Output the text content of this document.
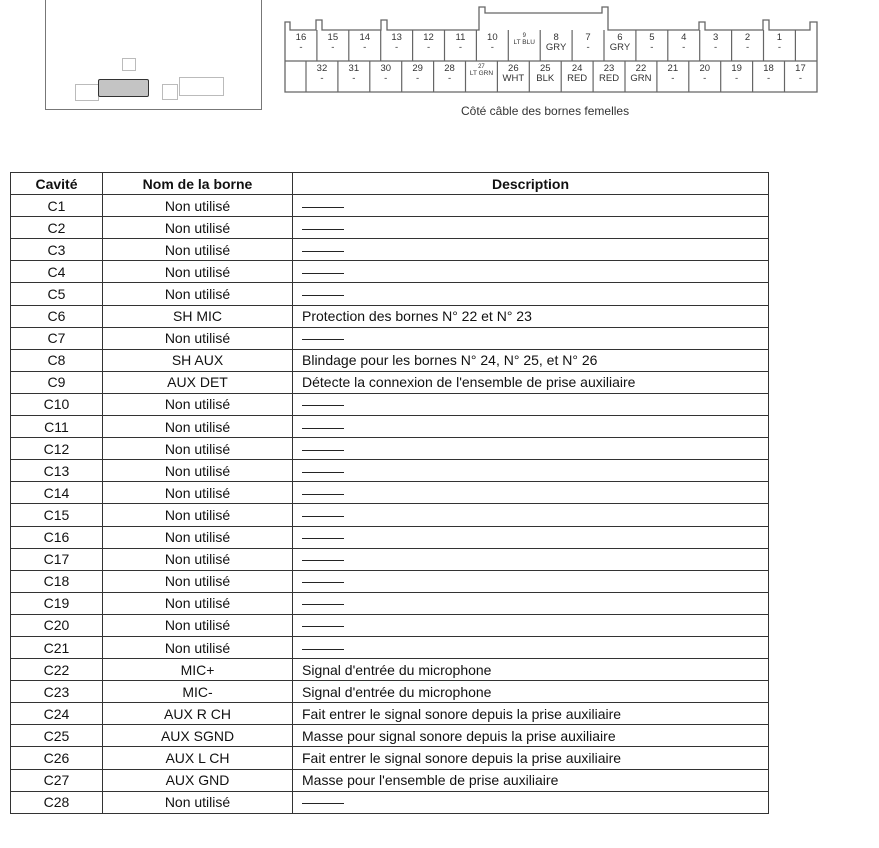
16
-
15
-
14
-
13
-
12
-
11
-
10
-
9
LT BLU	8
GRY
7
-
6
GRY
5
-
4
-
3
-
2
-
1
-
32
-
31
-
30
-
29
-
28
-
27
LT GRN	26
WHT
25
BLK
24
RED
23
RED
22
GRN
21
-
20
-
19
-
18
-
17
-
Côté câble des bornes femelles
Cavité	Nom de la borne	Description
C1	Non utilisé	———
C2	Non utilisé	———
C3	Non utilisé	———
C4	Non utilisé	———
C5	Non utilisé	———
C6	SH MIC	Protection des bornes N° 22 et N° 23
C7	Non utilisé	———
C8	SH AUX	Blindage pour les bornes N° 24, N° 25, et N° 26
C9	AUX DET	Détecte la connexion de l'ensemble de prise auxiliaire
C10	Non utilisé	———
C11	Non utilisé	———
C12	Non utilisé	———
C13	Non utilisé	———
C14	Non utilisé	———
C15	Non utilisé	———
C16	Non utilisé	———
C17	Non utilisé	———
C18	Non utilisé	———
C19	Non utilisé	———
C20	Non utilisé	———
C21	Non utilisé	———
C22	MIC+	Signal d'entrée du microphone
C23	MIC-	Signal d'entrée du microphone
C24	AUX R CH	Fait entrer le signal sonore depuis la prise auxiliaire
C25	AUX SGND	Masse pour signal sonore depuis la prise auxiliaire
C26	AUX L CH	Fait entrer le signal sonore depuis la prise auxiliaire
C27	AUX GND	Masse pour l'ensemble de prise auxiliaire
C28	Non utilisé	———
